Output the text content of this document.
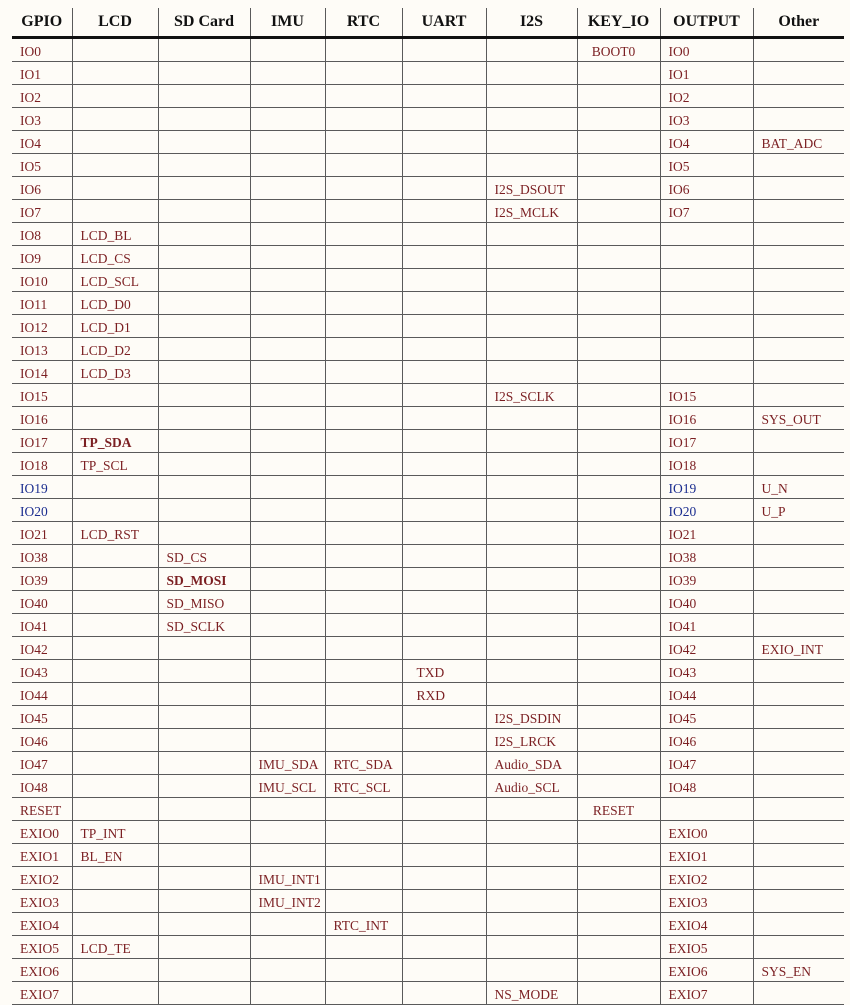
GPIO	LCD	SD Card	IMU	RTC	UART	I2S	KEY_IO	OUTPUT	Other
IO0							BOOT0	IO0	
IO1								IO1	
IO2								IO2	
IO3								IO3	
IO4								IO4	BAT_ADC
IO5								IO5	
IO6						I2S_DSOUT		IO6	
IO7						I2S_MCLK		IO7	
IO8	LCD_BL								
IO9	LCD_CS								
IO10	LCD_SCL								
IO11	LCD_D0								
IO12	LCD_D1								
IO13	LCD_D2								
IO14	LCD_D3								
IO15						I2S_SCLK		IO15	
IO16								IO16	SYS_OUT
IO17	TP_SDA							IO17	
IO18	TP_SCL							IO18	
IO19								IO19	U_N
IO20								IO20	U_P
IO21	LCD_RST							IO21	
IO38		SD_CS						IO38	
IO39		SD_MOSI						IO39	
IO40		SD_MISO						IO40	
IO41		SD_SCLK						IO41	
IO42								IO42	EXIO_INT
IO43					TXD			IO43	
IO44					RXD			IO44	
IO45						I2S_DSDIN		IO45	
IO46						I2S_LRCK		IO46	
IO47			IMU_SDA	RTC_SDA		Audio_SDA		IO47	
IO48			IMU_SCL	RTC_SCL		Audio_SCL		IO48	
RESET							RESET		
EXIO0	TP_INT							EXIO0	
EXIO1	BL_EN							EXIO1	
EXIO2			IMU_INT1					EXIO2	
EXIO3			IMU_INT2					EXIO3	
EXIO4				RTC_INT				EXIO4	
EXIO5	LCD_TE							EXIO5	
EXIO6								EXIO6	SYS_EN
EXIO7						NS_MODE		EXIO7	
